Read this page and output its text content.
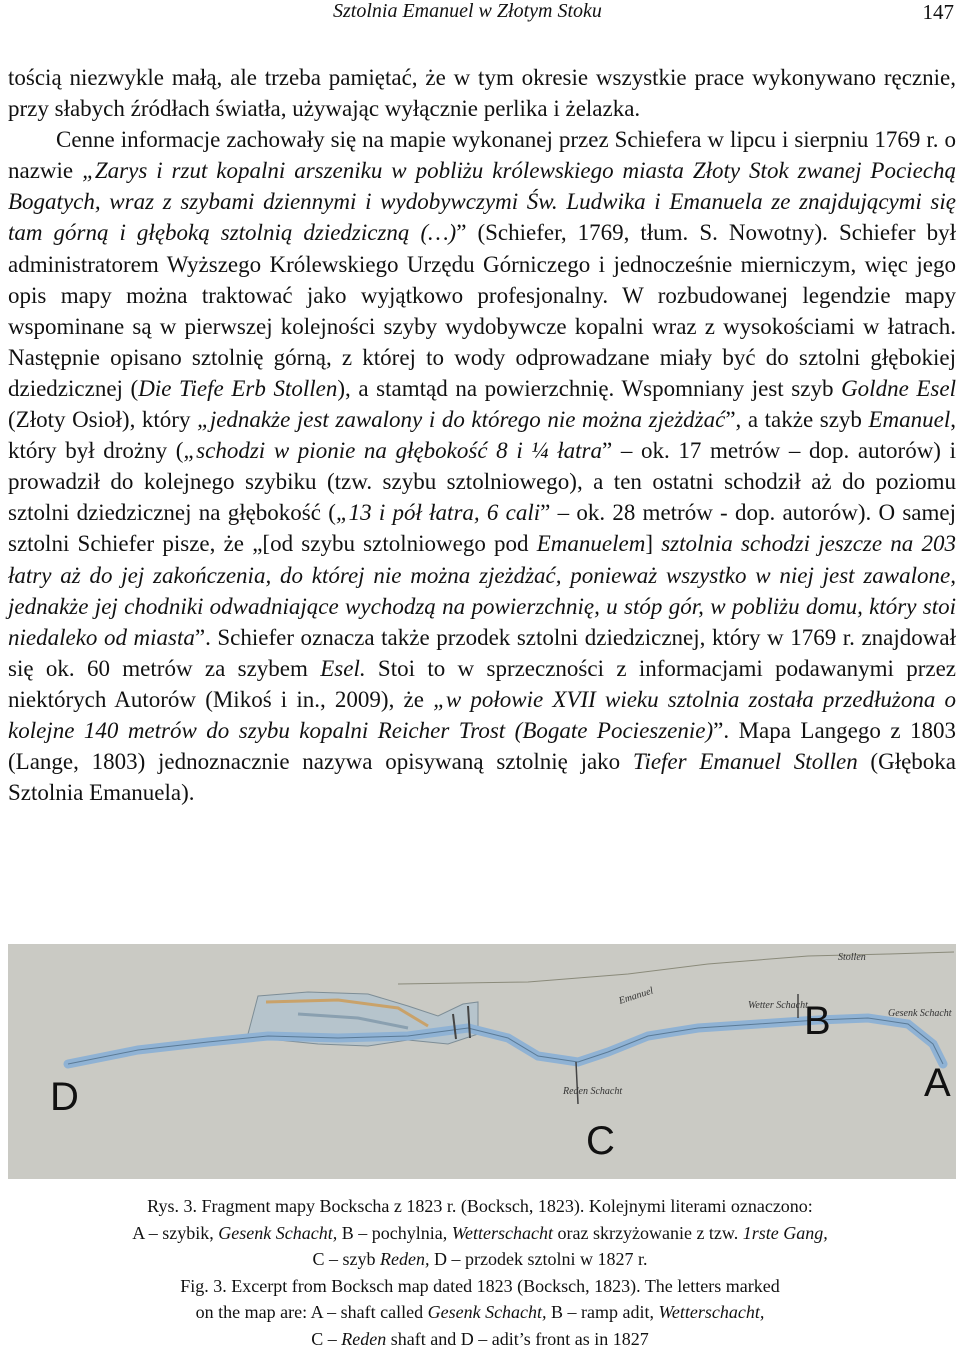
Sztolnia Emanuel w Złotym Stoku	147

tością niezwykle małą, ale trzeba pamiętać, że w tym okresie wszystkie prace wykonywano ręcznie, przy słabych źródłach światła, używając wyłącznie perlika i żelazka.

Cenne informacje zachowały się na mapie wykonanej przez Schiefera w lipcu i sierpniu 1769 r. o nazwie „Zarys i rzut kopalni arszeniku w pobliżu królewskiego miasta Złoty Stok zwanej Pociechą Bogatych, wraz z szybami dziennymi i wydobywczymi Św. Ludwika i Emanuela ze znajdującymi się tam górną i głęboką sztolnią dziedziczną (…)” (Schiefer, 1769, tłum. S. Nowotny). Schiefer był administratorem Wyższego Królewskiego Urzędu Górniczego i jednocześnie mierniczym, więc jego opis mapy można traktować jako wyjątkowo profesjonalny. W rozbudowanej legendzie mapy wspominane są w pierwszej kolejności szyby wydobywcze kopalni wraz z wysokościami w łatrach. Następnie opisano sztolnię górną, z której to wody odprowadzane miały być do sztolni głębokiej dziedzicznej (Die Tiefe Erb Stollen), a stamtąd na powierzchnię. Wspomniany jest szyb Goldne Esel (Złoty Osioł), który „jednakże jest zawalony i do którego nie można zjeżdżać”, a także szyb Emanuel, który był drożny („schodzi w pionie na głębokość 8 i ¼ łatra” – ok. 17 metrów – dop. autorów) i prowadził do kolejnego szybiku (tzw. szybu sztolniowego), a ten ostatni schodził aż do poziomu sztolni dziedzicznej na głębokość („13 i pół łatra, 6 cali” – ok. 28 metrów - dop. autorów). O samej sztolni Schiefer pisze, że „[od szybu sztolniowego pod Emanuelem] sztolnia schodzi jeszcze na 203 łatry aż do jej zakończenia, do której nie można zjeżdżać, ponieważ wszystko w niej jest zawalone, jednakże jej chodniki odwadniające wychodzą na powierzchnię, u stóp gór, w pobliżu domu, który stoi niedaleko od miasta”. Schiefer oznacza także przodek sztolni dziedzicznej, który w 1769 r. znajdował się ok. 60 metrów za szybem Esel. Stoi to w sprzeczności z informacjami podawanymi przez niektórych Autorów (Mikoś i in., 2009), że „w połowie XVII wieku sztolnia została przedłużona o kolejne 140 metrów do szybu kopalni Reicher Trost (Bogate Pocieszenie)”. Mapa Langego z 1803 (Lange, 1803) jednoznacznie nazywa opisywaną sztolnię jako Tiefer Emanuel Stollen (Głęboka Sztolnia Emanuela).

Emanuel	Wetter Schacht
Gesenk Schacht
Reden Schacht
Stollen
D
C
B
A
Rys. 3. Fragment mapy Bockscha z 1823 r. (Bocksch, 1823). Kolejnymi literami oznaczono:
A – szybik, Gesenk Schacht, B – pochylnia, Wetterschacht oraz skrzyżowanie z tzw. 1rste Gang,
C – szyb Reden, D – przodek sztolni w 1827 r.
Fig. 3. Excerpt from Bocksch map dated 1823 (Bocksch, 1823). The letters marked
on the map are: A – shaft called Gesenk Schacht, B – ramp adit, Wetterschacht,
C – Reden shaft and D – adit’s front as in 1827
